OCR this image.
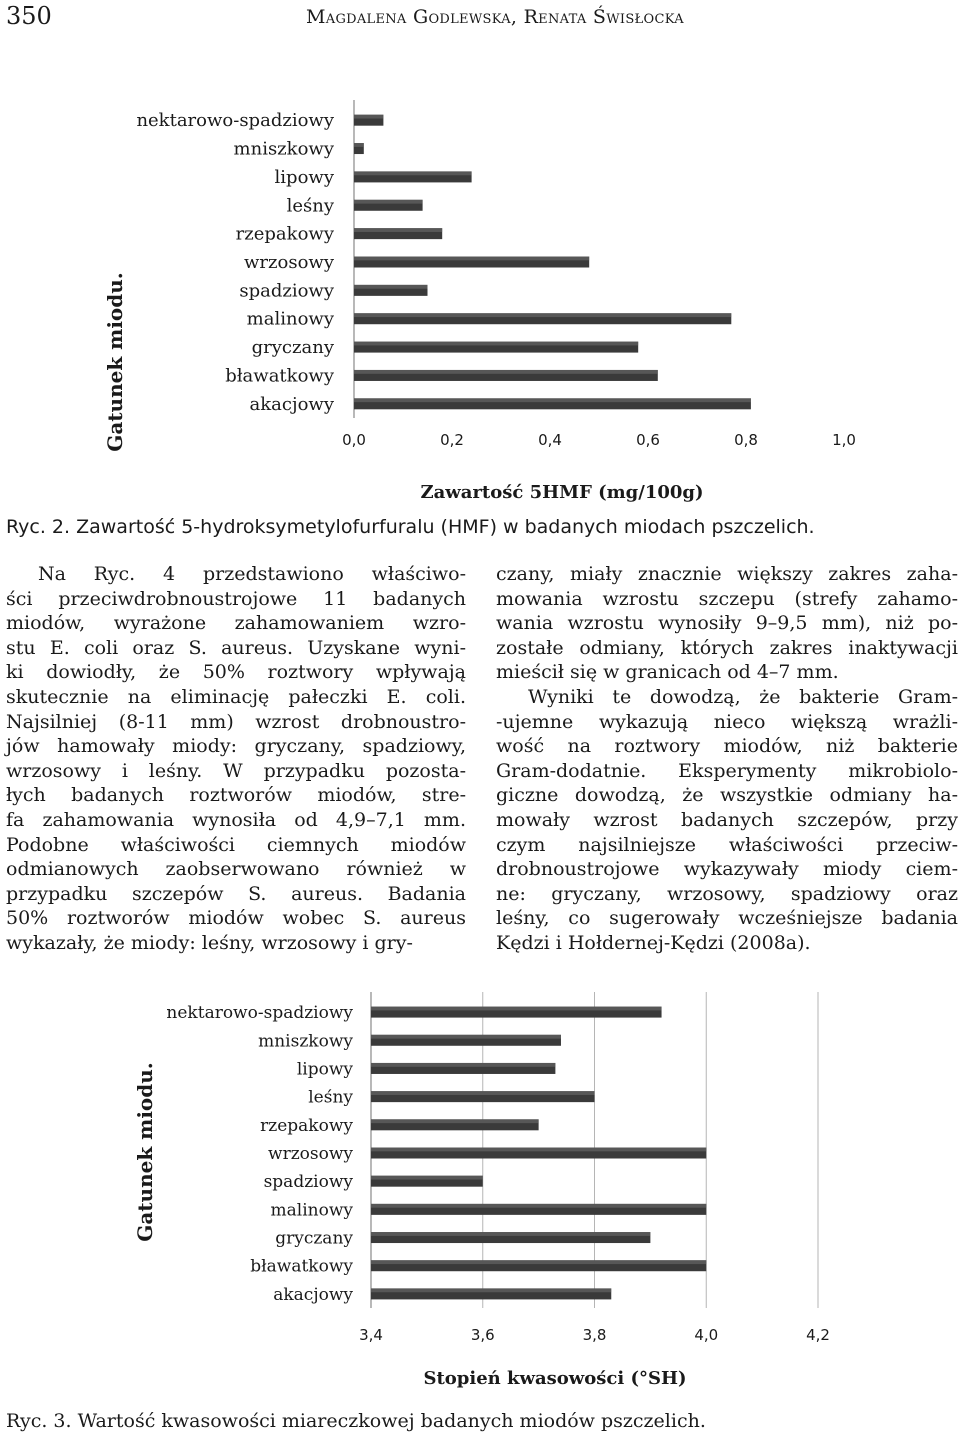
350	Magdalena Godlewska, Renata Świsłocka
nektarowo-spadziowy
mniszkowy
lipowy
leśny
rzepakowy
wrzosowy
spadziowy
malinowy
gryczany
bławatkowy
akacjowy
0,0	0,2	0,4	0,6	0,8	1,0
Zawartość 5HMF (mg/100g)
Gatunek miodu.
Ryc. 2. Zawartość 5-hydroksymetylofurfuralu (HMF) w badanych miodach pszczelich.

Na Ryc. 4 przedstawiono właściwo-

ści przeciwdrobnoustrojowe 11 badanych

miodów, wyrażone zahamowaniem wzro-

stu E. coli oraz S. aureus. Uzyskane wyni-

ki dowiodły, że 50% roztwory wpływają

skutecznie na eliminację pałeczki E. coli.

Najsilniej (8-11 mm) wzrost drobnoustro-

jów hamowały miody: gryczany, spadziowy,

wrzosowy i leśny. W przypadku pozosta-

łych badanych roztworów miodów, stre-

fa zahamowania wynosiła od 4,9–7,1 mm.

Podobne właściwości ciemnych miodów

odmianowych zaobserwowano również w

przypadku szczepów S. aureus. Badania

50% roztworów miodów wobec S. aureus

wykazały, że miody: leśny, wrzosowy i gry-

czany, miały znacznie większy zakres zaha-

mowania wzrostu szczepu (strefy zahamo-

wania wzrostu wynosiły 9–9,5 mm), niż po-

zostałe odmiany, których zakres inaktywacji

mieścił się w granicach od 4–7 mm.

Wyniki te dowodzą, że bakterie Gram-

-ujemne wykazują nieco większą wrażli-

wość na roztwory miodów, niż bakterie

Gram-dodatnie. Eksperymenty mikrobiolo-

giczne dowodzą, że wszystkie odmiany ha-

mowały wzrost badanych szczepów, przy

czym najsilniejsze właściwości przeciw-

drobnoustrojowe wykazywały miody ciem-

ne: gryczany, wrzosowy, spadziowy oraz

leśny, co sugerowały wcześniejsze badania

Kędzi i Hołdernej-Kędzi (2008a).

nektarowo-spadziowy
mniszkowy
lipowy
leśny
rzepakowy
wrzosowy
spadziowy
malinowy
gryczany
bławatkowy
akacjowy
3,4	3,6	3,8	4,0	4,2
Stopień kwasowości (°SH)
Gatunek miodu.
Ryc. 3. Wartość kwasowości miareczkowej badanych miodów pszczelich.
